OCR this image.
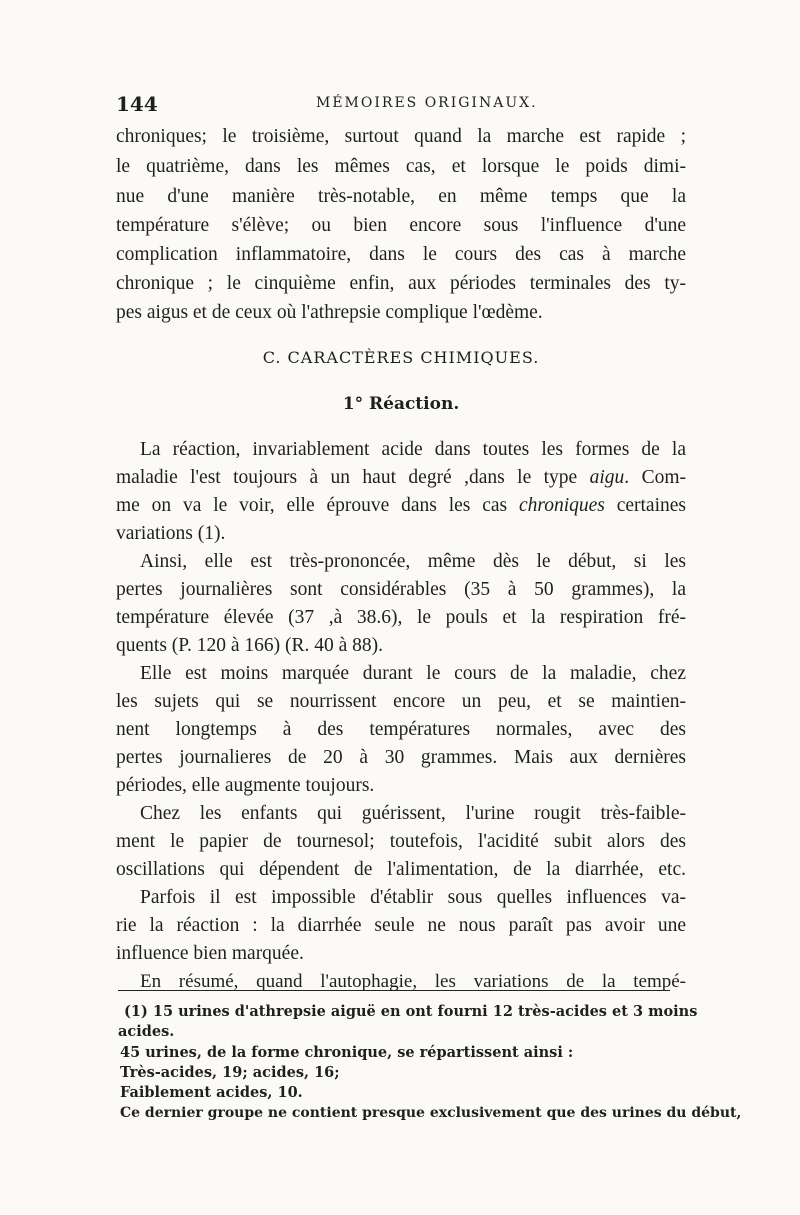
144	MÉMOIRES ORIGINAUX.
chroniques; le troisième, surtout quand la marche est rapide ;
le quatrième, dans les mêmes cas, et lorsque le poids dimi-
nue d'une manière très-notable, en même temps que la
température s'élève; ou bien encore sous l'influence d'une
complication inflammatoire, dans le cours des cas à marche
chronique ; le cinquième enfin, aux périodes terminales des ty-
pes aigus et de ceux où l'athrepsie complique l'œdème.
C. CARACTÈRES CHIMIQUES.
1° Réaction.
La réaction, invariablement acide dans toutes les formes de la
maladie l'est toujours à un haut degré ,dans le type aigu. Com-
me on va le voir, elle éprouve dans les cas chroniques certaines
variations (1).
Ainsi, elle est très-prononcée, même dès le début, si les
pertes journalières sont considérables (35 à 50 grammes), la
température élevée (37 ,à 38.6), le pouls et la respiration fré-
quents (P. 120 à 166) (R. 40 à 88).
Elle est moins marquée durant le cours de la maladie, chez
les sujets qui se nourrissent encore un peu, et se maintien-
nent longtemps à des températures normales, avec des
pertes journalieres de 20 à 30 grammes. Mais aux dernières
périodes, elle augmente toujours.
Chez les enfants qui guérissent, l'urine rougit très-faible-
ment le papier de tournesol; toutefois, l'acidité subit alors des
oscillations qui dépendent de l'alimentation, de la diarrhée, etc.
Parfois il est impossible d'établir sous quelles influences va-
rie la réaction : la diarrhée seule ne nous paraît pas avoir une
influence bien marquée.
En résumé, quand l'autophagie, les variations de la tempé-
(1) 15 urines d'athrepsie aiguë en ont fourni 12 très-acides et 3 moins
acides.
45 urines, de la forme chronique, se répartissent ainsi :
Très-acides, 19; acides, 16;
Faiblement acides, 10.
Ce dernier groupe ne contient presque exclusivement que des urines du début,
